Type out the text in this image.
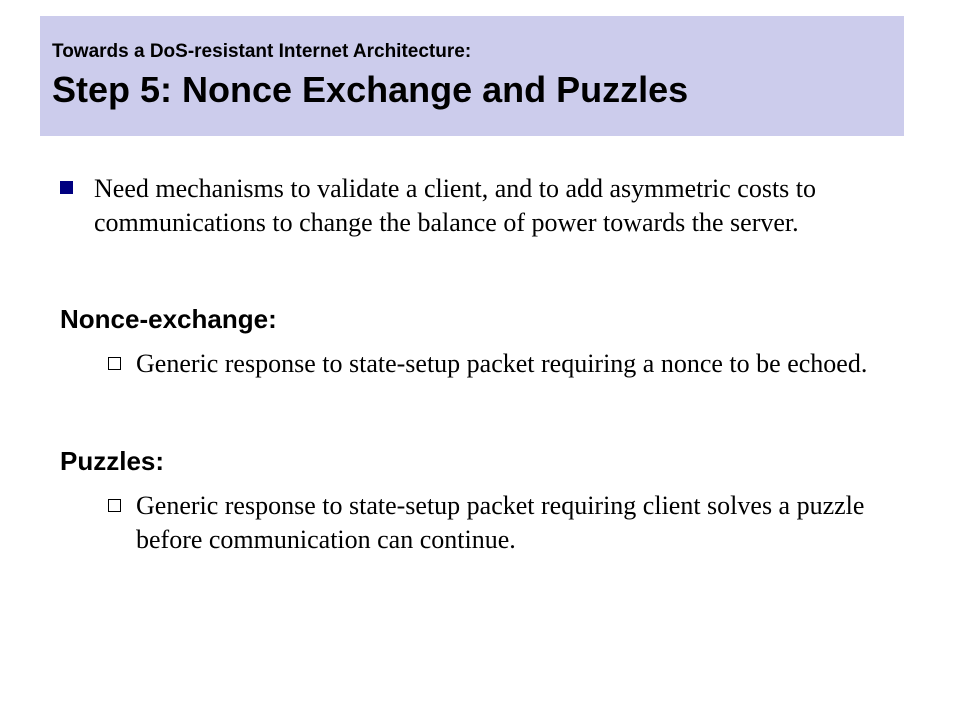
Towards a DoS-resistant Internet Architecture:
Step 5: Nonce Exchange and Puzzles
Need mechanisms to validate a client, and to add asymmetric costs to communications to change the balance of power towards the server.
Nonce-exchange:
Generic response to state-setup packet requiring a nonce to be echoed.
Puzzles:
Generic response to state-setup packet requiring client solves a puzzle before communication can continue.
